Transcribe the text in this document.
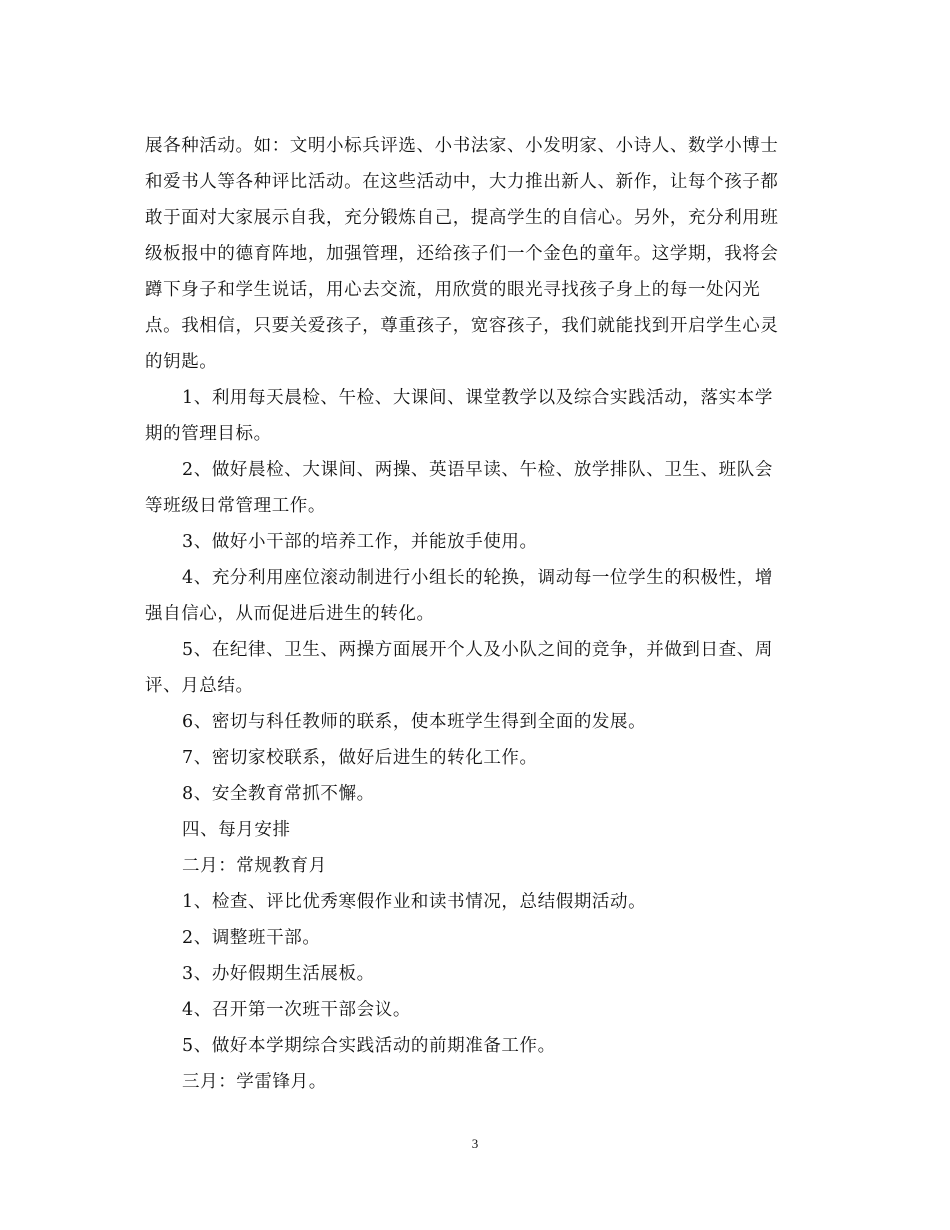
展各种活动。如：文明小标兵评选、小书法家、小发明家、小诗人、数学小博士
和爱书人等各种评比活动。在这些活动中，大力推出新人、新作，让每个孩子都
敢于面对大家展示自我，充分锻炼自己，提高学生的自信心。另外，充分利用班
级板报中的德育阵地，加强管理，还给孩子们一个金色的童年。这学期，我将会
蹲下身子和学生说话，用心去交流，用欣赏的眼光寻找孩子身上的每一处闪光
点。我相信，只要关爱孩子，尊重孩子，宽容孩子，我们就能找到开启学生心灵
的钥匙。
1、利用每天晨检、午检、大课间、课堂教学以及综合实践活动，落实本学
期的管理目标。
2、做好晨检、大课间、两操、英语早读、午检、放学排队、卫生、班队会
等班级日常管理工作。
3、做好小干部的培养工作，并能放手使用。
4、充分利用座位滚动制进行小组长的轮换，调动每一位学生的积极性，增
强自信心，从而促进后进生的转化。
5、在纪律、卫生、两操方面展开个人及小队之间的竞争，并做到日查、周
评、月总结。
6、密切与科任教师的联系，使本班学生得到全面的发展。
7、密切家校联系，做好后进生的转化工作。
8、安全教育常抓不懈。
四、每月安排
二月：常规教育月
1、检查、评比优秀寒假作业和读书情况，总结假期活动。
2、调整班干部。
3、办好假期生活展板。
4、召开第一次班干部会议。
5、做好本学期综合实践活动的前期准备工作。
三月：学雷锋月。
3
